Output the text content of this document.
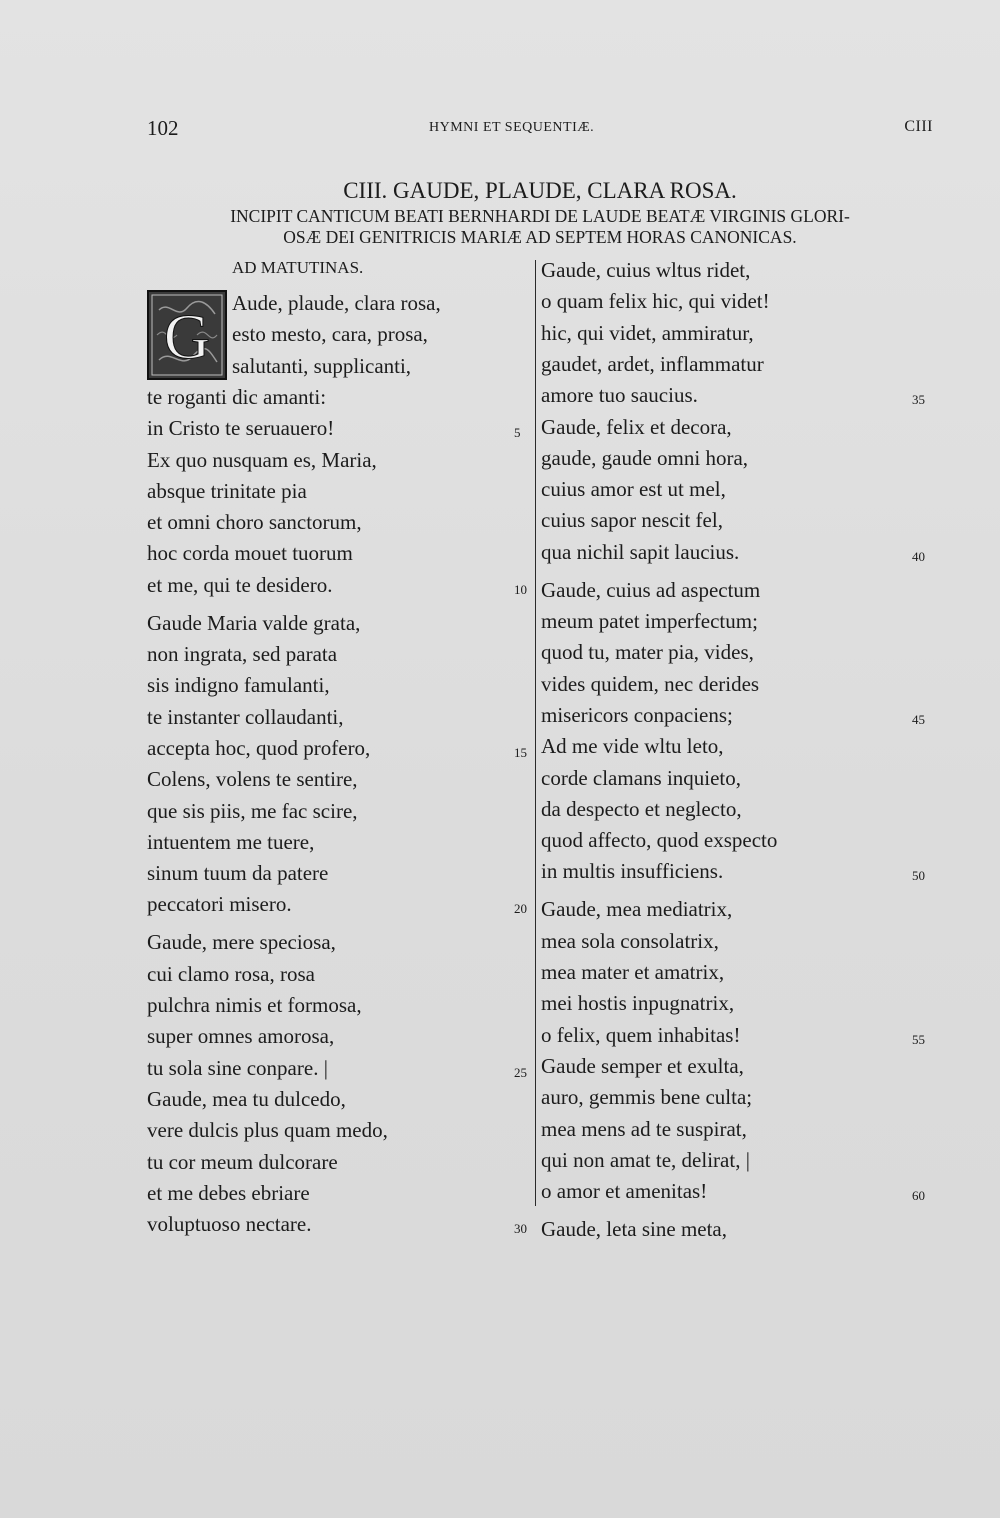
102	HYMNI ET SEQUENTIÆ.	CIII
CIII. GAUDE, PLAUDE, CLARA ROSA.
INCIPIT CANTICUM BEATI BERNHARDI DE LAUDE BEATÆ VIRGINIS GLORI-
OSÆ DEI GENITRICIS MARIÆ AD SEPTEM HORAS CANONICAS.
AD MATUTINAS.
G Aude, plaude, clara rosa,
esto mesto, cara, prosa,
salutanti, supplicanti,
te roganti dic amanti:
in Cristo te seruauero!
Ex quo nusquam es, Maria,
absque trinitate pia
et omni choro sanctorum,
hoc corda mouet tuorum
et me, qui te desidero.
Gaude Maria valde grata,
non ingrata, sed parata
sis indigno famulanti,
te instanter collaudanti,
accepta hoc, quod profero,
Colens, volens te sentire,
que sis piis, me fac scire,
intuentem me tuere,
sinum tuum da patere
peccatori misero.
Gaude, mere speciosa,
cui clamo rosa, rosa
pulchra nimis et formosa,
super omnes amorosa,
tu sola sine conpare. |
Gaude, mea tu dulcedo,
vere dulcis plus quam medo,
tu cor meum dulcorare
et me debes ebriare
voluptuoso nectare.
5
10
15
20
25
30
Gaude, cuius wltus ridet,
o quam felix hic, qui videt!
hic, qui videt, ammiratur,
gaudet, ardet, inflammatur
amore tuo saucius.
Gaude, felix et decora,
gaude, gaude omni hora,
cuius amor est ut mel,
cuius sapor nescit fel,
qua nichil sapit laucius.
Gaude, cuius ad aspectum
meum patet imperfectum;
quod tu, mater pia, vides,
vides quidem, nec derides
misericors conpaciens;
Ad me vide wltu leto,
corde clamans inquieto,
da despecto et neglecto,
quod affecto, quod exspecto
in multis insufficiens.
Gaude, mea mediatrix,
mea sola consolatrix,
mea mater et amatrix,
mei hostis inpugnatrix,
o felix, quem inhabitas!
Gaude semper et exulta,
auro, gemmis bene culta;
mea mens ad te suspirat,
qui non amat te, delirat, |
o amor et amenitas!
Gaude, leta sine meta,
35
40
45
50
55
60
